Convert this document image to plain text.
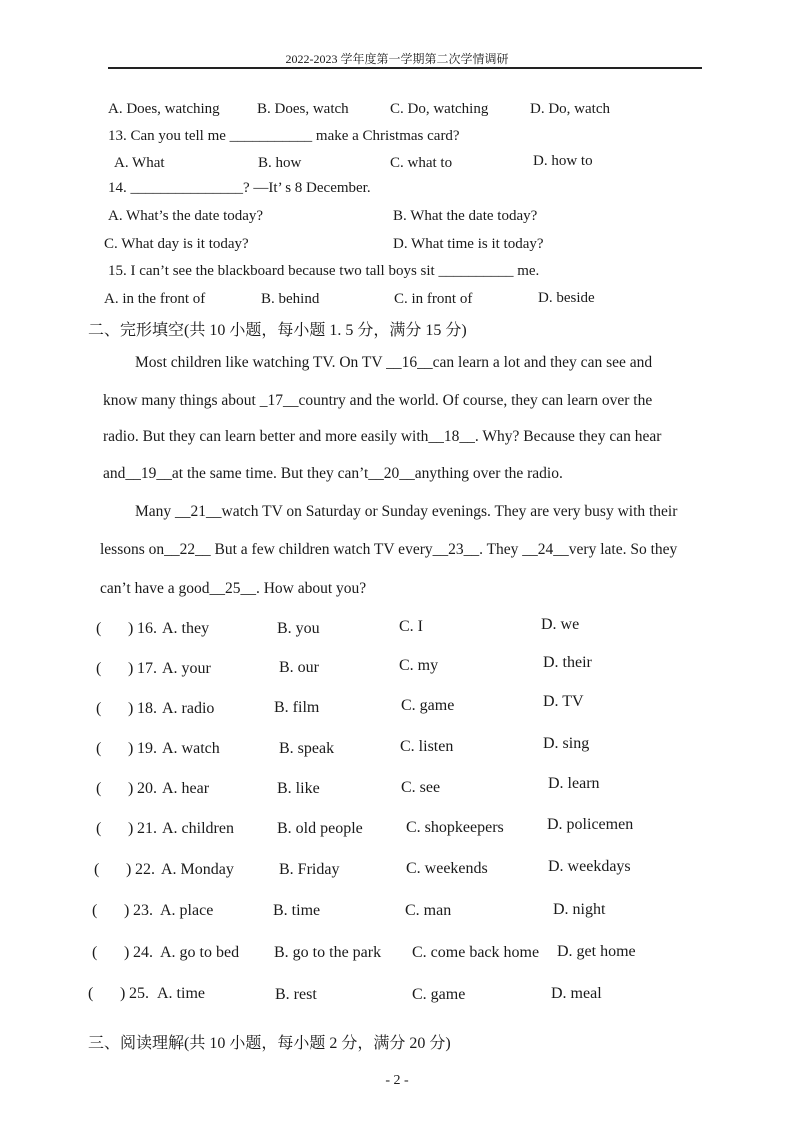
2022-2023 学年度第一学期第二次学情调研
A. Does, watching B. Does, watch	C. Do, watching	D. Do, watch
13. Can you tell me ___________ make a Christmas card?
A. What	B. how	C. what to	D. how to
14. _______________? —It’ s 8 December.
A. What’s the date today?	B. What the date today?
C. What day is it today?	D. What time is it today?
15. I can’t see the blackboard because two tall boys sit __________ me.
A. in the front of	B. behind	C. in front of	D. beside
二、完形填空(共 10 小题，每小题 1. 5 分，满分 15 分)
Most children like watching TV. On TV __16__can learn a lot and they can see and
know many things about _17__country and the world. Of course, they can learn over the
radio. But they can learn better and more easily with__18__. Why? Because they can hear
and__19__at the same time. But they can’t__20__anything over the radio.
Many __21__watch TV on Saturday or Sunday evenings. They are very busy with their
lessons on__22__ But a few children watch TV every__23__. They __24__very late. So they
can’t have a good__25__. How about you?
( ) 16. A. they	B. you	C. I	D. we
( ) 17. A. your	B. our	C. my	D. their
( ) 18. A. radio	B. film	C. game	D. TV
( ) 19. A. watch	B. speak	C. listen	D. sing
( ) 20. A. hear	B. like	C. see	D. learn
( ) 21. A. children	B. old people	C. shopkeepers	D. policemen
( ) 22. A. Monday	B. Friday	C. weekends	D. weekdays
( ) 23. A. place	B. time	C. man	D. night
( ) 24. A. go to bed B. go to the park C. come back home D. get home
( ) 25. A. time	B. rest	C. game	D. meal
三、阅读理解(共 10 小题，每小题 2 分，满分 20 分)
- 2 -
